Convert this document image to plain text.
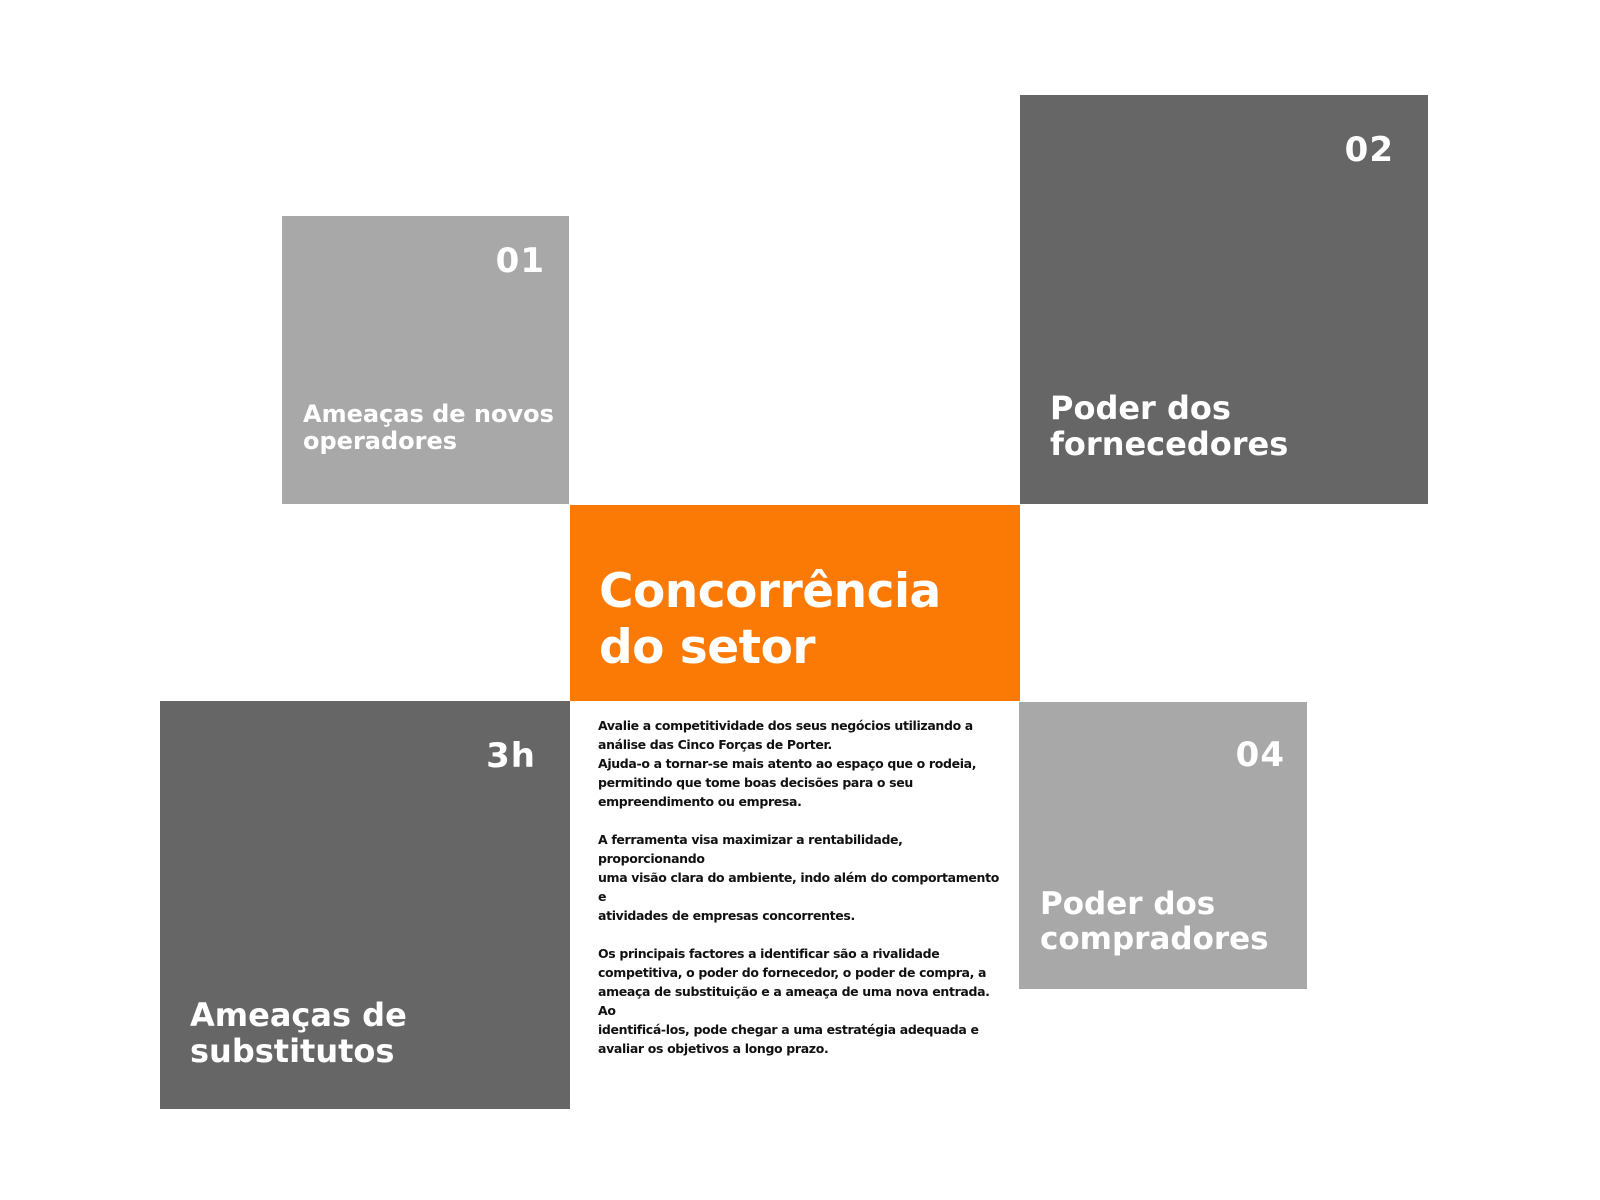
01
Ameaças de novos
operadores
02
Poder dos
fornecedores
Concorrência
do setor
3h
Ameaças de
substitutos
04
Poder dos
compradores

Avalie a competitividade dos seus negócios utilizando a
análise das Cinco Forças de Porter.
Ajuda-o a tornar-se mais atento ao espaço que o rodeia,
permitindo que tome boas decisões para o seu
empreendimento ou empresa.

A ferramenta visa maximizar a rentabilidade, proporcionando
uma visão clara do ambiente, indo além do comportamento e
atividades de empresas concorrentes.

Os principais factores a identificar são a rivalidade
competitiva, o poder do fornecedor, o poder de compra, a
ameaça de substituição e a ameaça de uma nova entrada. Ao
identificá-los, pode chegar a uma estratégia adequada e
avaliar os objetivos a longo prazo.
